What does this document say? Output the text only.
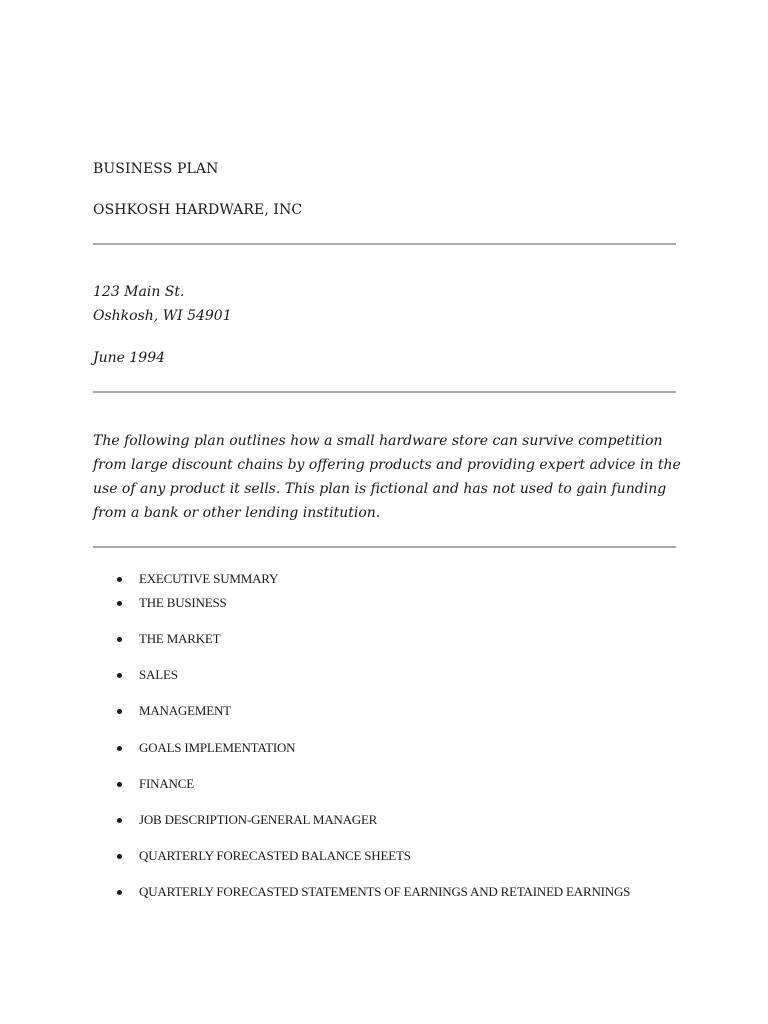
BUSINESS PLAN
OSHKOSH HARDWARE, INC
123 Main St.
Oshkosh, WI 54901
June 1994
The following plan outlines how a small hardware store can survive competition
from large discount chains by offering products and providing expert advice in the
use of any product it sells. This plan is fictional and has not used to gain funding
from a bank or other lending institution.
EXECUTIVE SUMMARY
THE BUSINESS
THE MARKET
SALES
MANAGEMENT
GOALS IMPLEMENTATION
FINANCE
JOB DESCRIPTION-GENERAL MANAGER
QUARTERLY FORECASTED BALANCE SHEETS
QUARTERLY FORECASTED STATEMENTS OF EARNINGS AND RETAINED EARNINGS
